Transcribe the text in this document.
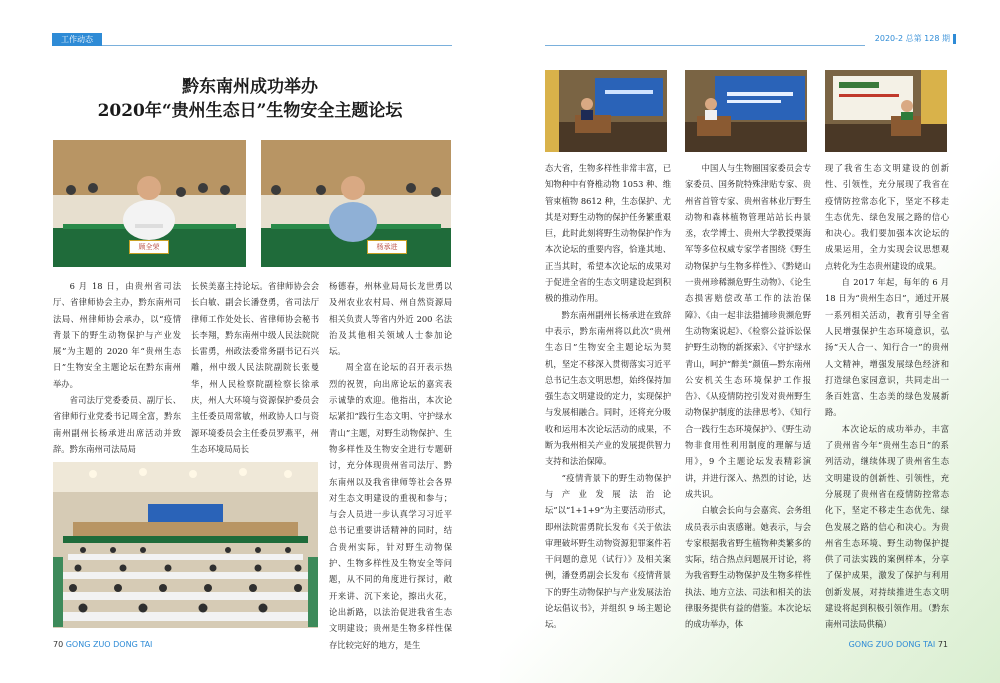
工作动态
黔东南州成功举办
2020年“贵州生态日”生物安全主题论坛
顾全荣	杨承进

6 月 18 日，由贵州省司法厅、省律师协会主办，黔东南州司法局、州律师协会承办，以“疫情背景下的野生动物保护与产业发展”为主题的 2020 年“贵州生态日”生物安全主题论坛在黔东南州举办。

省司法厅党委委员、副厅长、省律师行业党委书记周全富，黔东南州副州长杨承进出席活动并致辞。黔东南州司法局局

长侯美嘉主持论坛。省律师协会会长白敏、副会长潘登勇，省司法厅律师工作处处长、省律师协会秘书长李翔，黔东南州中级人民法院院长雷勇，州政法委常务副书记石兴雕，州中级人民法院副院长张曼华，州人民检察院副检察长徐承庆，州人大环境与资源保护委员会主任委员周常敏，州政协人口与资源环境委员会主任委员罗燕平，州生态环境局局长

杨德春，州林业局局长龙世勇以及州农业农村局、州自然资源局相关负责人等省内外近 200 名法治及其他相关领域人士参加论坛。

周全富在论坛的召开表示热烈的祝贺，向出席论坛的嘉宾表示诚挚的欢迎。他指出，本次论坛紧扣“践行生态文明、守护绿水青山”主题，对野生动物保护、生物多样性及生物安全进行专题研讨，充分体现贵州省司法厅、黔东南州以及我省律师等社会各界对生态文明建设的重视和参与；与会人员进一步认真学习习近平总书记重要讲话精神的同时，结合贵州实际，针对野生动物保护、生物多样性及生物安全等问题，从不同的角度进行探讨，敞开来讲、沉下来论，擦出火花，论出新路，以法治促进我省生态文明建设；贵州是生物多样性保存比较完好的地方，是生

70 GONG ZUO DONG TAI
2020-2 总第 128 期

态大省，生物多样性非常丰富，已知物种中有脊椎动物 1053 种、维管束植物 8612 种，生态保护、尤其是对野生动物的保护任务繁重艰巨，此时此刻将野生动物保护作为本次论坛的重要内容，恰逢其地、正当其时，希望本次论坛的成果对于促进全省的生态文明建设起到积极的推动作用。

黔东南州副州长杨承进在致辞中表示，黔东南州将以此次“贵州生态日”生物安全主题论坛为契机，坚定不移深入贯彻落实习近平总书记生态文明思想，始终保持加强生态文明建设的定力，实现保护与发展相融合。同时，还将充分吸收和运用本次论坛活动的成果，不断为我州相关产业的发展提供智力支持和法治保障。

“疫情背景下的野生动物保护与产业发展法治论坛”以“1+1+9”为主要活动形式，即州法院雷勇院长发布《关于依法审理破坏野生动物资源犯罪案件若干问题的意见（试行）》及相关案例，潘登勇副会长发布《疫情背景下的野生动物保护与产业发展法治论坛倡议书》，并组织 9 场主题论坛。

中国人与生物圈国家委员会专家委员、国务院特殊津贴专家、贵州省首管专家、贵州省林业厅野生动物和森林植物管理站站长冉景丞，农学博士、贵州大学教授栗海军等多位权威专家学者围绕《野生动物保护与生物多样性》、《黔姥山一贵州珍稀濒危野生动物》、《论生态损害赔偿改革工作的法治保障》、《由一起非法猎捕珍贵濒危野生动物案说起》、《检察公益诉讼保护野生动物的新探索》、《守护绿水青山，呵护“醉美”颜值—黔东南州公安机关生态环境保护工作报告》、《从疫情防控引发对贵州野生动物保护制度的法律思考》、《知行合一践行生态环境保护》、《野生动物非食用性利用制度的理解与适用》，9 个主题论坛发表精彩演讲，并进行深入、热烈的讨论，达成共识。

白敏会长向与会嘉宾、会务组成员表示由衷感谢。她表示，与会专家根据我省野生植物种类繁多的实际，结合热点问题展开讨论，将为我省野生动物保护及生物多样性执法、地方立法、司法和相关的法律服务提供有益的借鉴。本次论坛的成功举办，体

现了我省生态文明建设的创新性、引领性，充分展现了我省在疫情防控常态化下，坚定不移走生态优先、绿色发展之路的信心和决心。我们要加强本次论坛的成果运用，全力实现会议思想观点转化为生态贵州建设的成果。

自 2017 年起，每年的 6 月 18 日为“贵州生态日”，通过开展一系列相关活动，教育引导全省人民增强保护生态环境意识，弘扬“天人合一、知行合一”的贵州人文精神，增强发展绿色经济和打造绿色家园意识，共同走出一条百姓富、生态美的绿色发展新路。

本次论坛的成功举办，丰富了贵州省今年“贵州生态日”的系列活动，继续体现了贵州省生态文明建设的创新性、引领性，充分展现了贵州省在疫情防控常态化下，坚定不移走生态优先、绿色发展之路的信心和决心。为贵州省生态环境、野生动物保护提供了司法实践的案例样本，分享了保护成果，激发了保护与利用创新发展，对持续推进生态文明建设将起到积极引领作用。（黔东南州司法局供稿）

GONG ZUO DONG TAI 71
